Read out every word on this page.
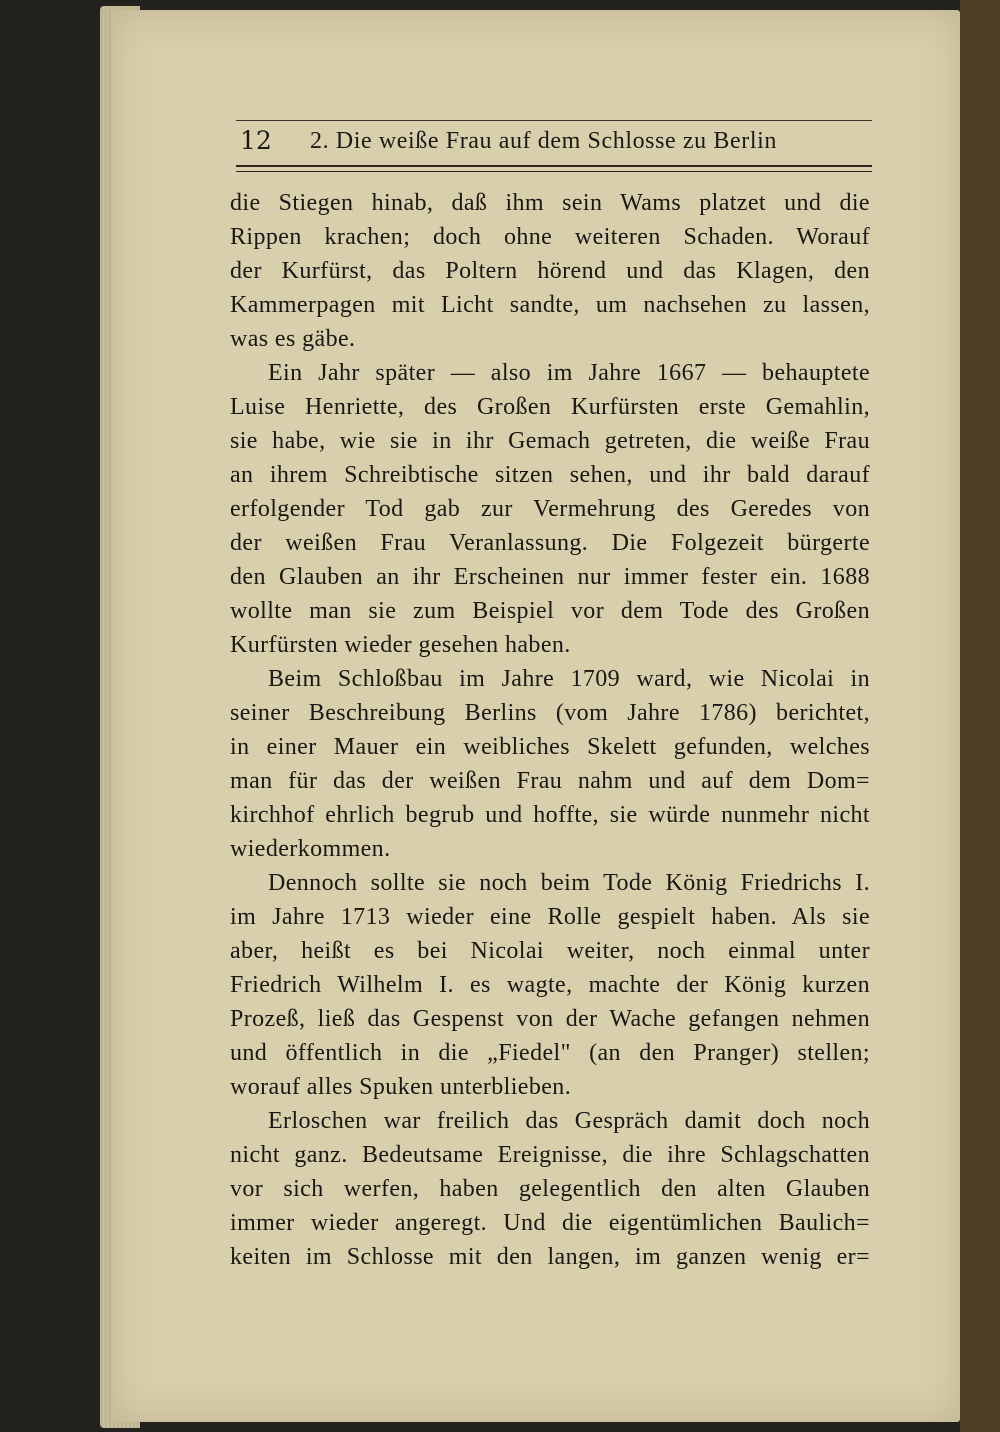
12 2. Die weiße Frau auf dem Schlosse zu Berlin

die Stiegen hinab, daß ihm sein Wams platzet und die
Rippen krachen; doch ohne weiteren Schaden. Worauf
der Kurfürst, das Poltern hörend und das Klagen, den
Kammerpagen mit Licht sandte, um nachsehen zu lassen,
was es gäbe.

Ein Jahr später — also im Jahre 1667 — behauptete
Luise Henriette, des Großen Kurfürsten erste Gemahlin,
sie habe, wie sie in ihr Gemach getreten, die weiße Frau
an ihrem Schreibtische sitzen sehen, und ihr bald darauf
erfolgender Tod gab zur Vermehrung des Geredes von
der weißen Frau Veranlassung. Die Folgezeit bürgerte
den Glauben an ihr Erscheinen nur immer fester ein. 1688
wollte man sie zum Beispiel vor dem Tode des Großen
Kurfürsten wieder gesehen haben.

Beim Schloßbau im Jahre 1709 ward, wie Nicolai in
seiner Beschreibung Berlins (vom Jahre 1786) berichtet,
in einer Mauer ein weibliches Skelett gefunden, welches
man für das der weißen Frau nahm und auf dem Dom=
kirchhof ehrlich begrub und hoffte, sie würde nunmehr nicht
wiederkommen.

Dennoch sollte sie noch beim Tode König Friedrichs I.
im Jahre 1713 wieder eine Rolle gespielt haben. Als sie
aber, heißt es bei Nicolai weiter, noch einmal unter
Friedrich Wilhelm I. es wagte, machte der König kurzen
Prozeß, ließ das Gespenst von der Wache gefangen nehmen
und öffentlich in die „Fiedel" (an den Pranger) stellen;
worauf alles Spuken unterblieben.

Erloschen war freilich das Gespräch damit doch noch
nicht ganz. Bedeutsame Ereignisse, die ihre Schlagschatten
vor sich werfen, haben gelegentlich den alten Glauben
immer wieder angeregt. Und die eigentümlichen Baulich=
keiten im Schlosse mit den langen, im ganzen wenig er=
